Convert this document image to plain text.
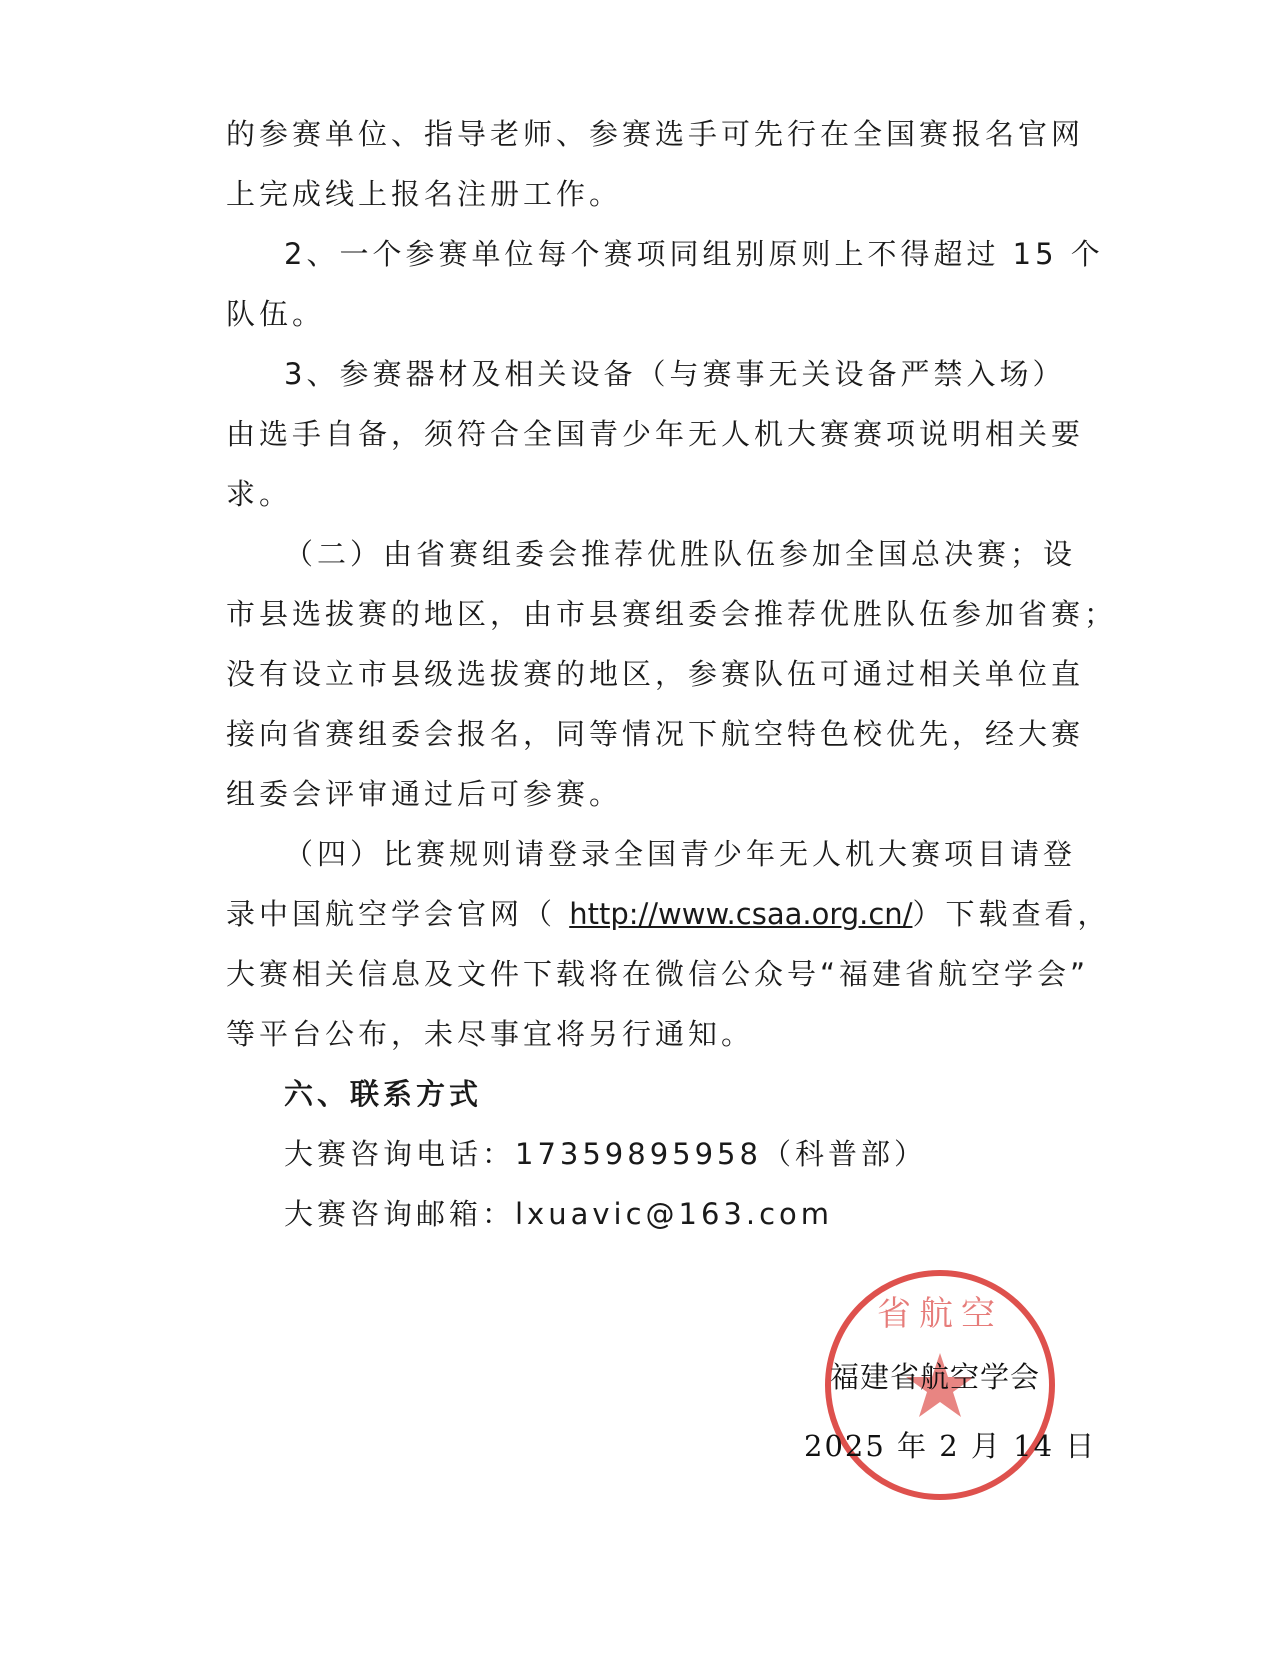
的参赛单位、指导老师、参赛选手可先行在全国赛报名官网
上完成线上报名注册工作。
2、一个参赛单位每个赛项同组别原则上不得超过 15 个
队伍。
3、参赛器材及相关设备（与赛事无关设备严禁入场）
由选手自备，须符合全国青少年无人机大赛赛项说明相关要
求。
（二）由省赛组委会推荐优胜队伍参加全国总决赛；设
市县选拔赛的地区，由市县赛组委会推荐优胜队伍参加省赛；
没有设立市县级选拔赛的地区，参赛队伍可通过相关单位直
接向省赛组委会报名，同等情况下航空特色校优先，经大赛
组委会评审通过后可参赛。
（四）比赛规则请登录全国青少年无人机大赛项目请登
录中国航空学会官网（ http://www.csaa.org.cn/）下载查看，
大赛相关信息及文件下载将在微信公众号“福建省航空学会”
等平台公布，未尽事宜将另行通知。
六、联系方式
大赛咨询电话：17359895958（科普部）
大赛咨询邮箱：lxuavic@163.com
省航空
福建省航空学会
2025 年 2 月 14 日
